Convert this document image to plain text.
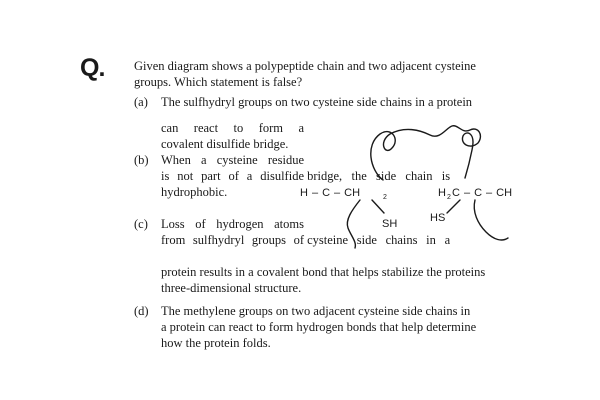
Q. Given diagram shows a polypeptide chain and two adjacent cysteine
groups. Which statement is false?
(a) The sulfhydryl groups on two cysteine side chains in a protein
can react to form a
covalent disulfide bridge.
(b) When a cysteine residue
is not part of a disulfide bridge, the side chain is
hydrophobic.
(c) Loss of hydrogen atoms
from sulfhydryl groups of cysteine side chains in a
protein results in a covalent bond that helps stabilize the proteins
three-dimensional structure.
(d) The methylene groups on two adjacent cysteine side chains in
a protein can react to form hydrogen bonds that help determine
how the protein folds.
H – C – CH	2
SH
H 2 C – C – CH
HS
